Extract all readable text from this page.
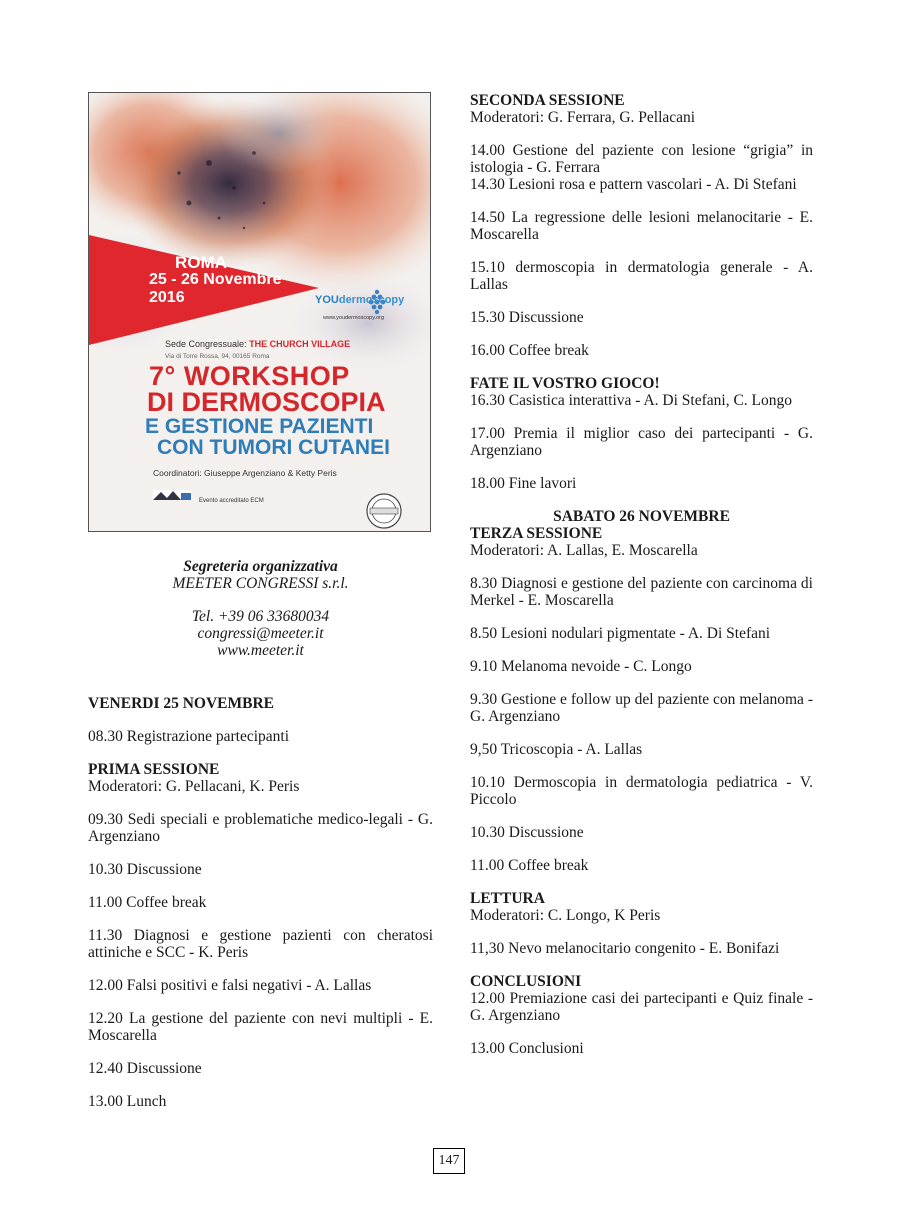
ROMA
25 - 26 Novembre
2016	YOUdermoscopy
www.youdermoscopy.org
Sede Congressuale: THE CHURCH VILLAGE
Via di Torre Rossa, 94, 00165 Roma
7° WORKSHOP
DI DERMOSCOPIA
E GESTIONE PAZIENTI
CON TUMORI CUTANEI
Coordinatori: Giuseppe Argenziano & Ketty Peris
Evento accreditato ECM
Segreteria organizzativa
MEETER CONGRESSI s.r.l.
Tel. +39 06 33680034
congressi@meeter.it
www.meeter.it

VENERDI 25 NOVEMBRE

08.30 Registrazione partecipanti

PRIMA SESSIONE

Moderatori: G. Pellacani, K. Peris

09.30 Sedi speciali e problematiche medico-legali - G. Argenziano

10.30 Discussione

11.00 Coffee break

11.30 Diagnosi e gestione pazienti con cheratosi attiniche e SCC - K. Peris

12.00 Falsi positivi e falsi negativi - A. Lallas

12.20 La gestione del paziente con nevi multipli - E. Moscarella

12.40 Discussione

13.00 Lunch

SECONDA SESSIONE

Moderatori: G. Ferrara, G. Pellacani

14.00 Gestione del paziente con lesione “grigia” in istologia - G. Ferrara

14.30 Lesioni rosa e pattern vascolari - A. Di Stefani

14.50 La regressione delle lesioni melanocitarie - E. Moscarella

15.10 dermoscopia in dermatologia generale - A. Lallas

15.30 Discussione

16.00 Coffee break

FATE IL VOSTRO GIOCO!

16.30 Casistica interattiva - A. Di Stefani, C. Longo

17.00 Premia il miglior caso dei partecipanti - G. Argenziano

18.00 Fine lavori

SABATO 26 NOVEMBRE

TERZA SESSIONE

Moderatori: A. Lallas, E. Moscarella

8.30 Diagnosi e gestione del paziente con carcinoma di Merkel - E. Moscarella

8.50 Lesioni nodulari pigmentate - A. Di Stefani

9.10 Melanoma nevoide - C. Longo

9.30 Gestione e follow up del paziente con melanoma - G. Argenziano

9,50 Tricoscopia - A. Lallas

10.10 Dermoscopia in dermatologia pediatrica - V. Piccolo

10.30 Discussione

11.00 Coffee break

LETTURA

Moderatori: C. Longo, K Peris

11,30 Nevo melanocitario congenito - E. Bonifazi

CONCLUSIONI

12.00 Premiazione casi dei partecipanti e Quiz finale - G. Argenziano

13.00 Conclusioni

147
